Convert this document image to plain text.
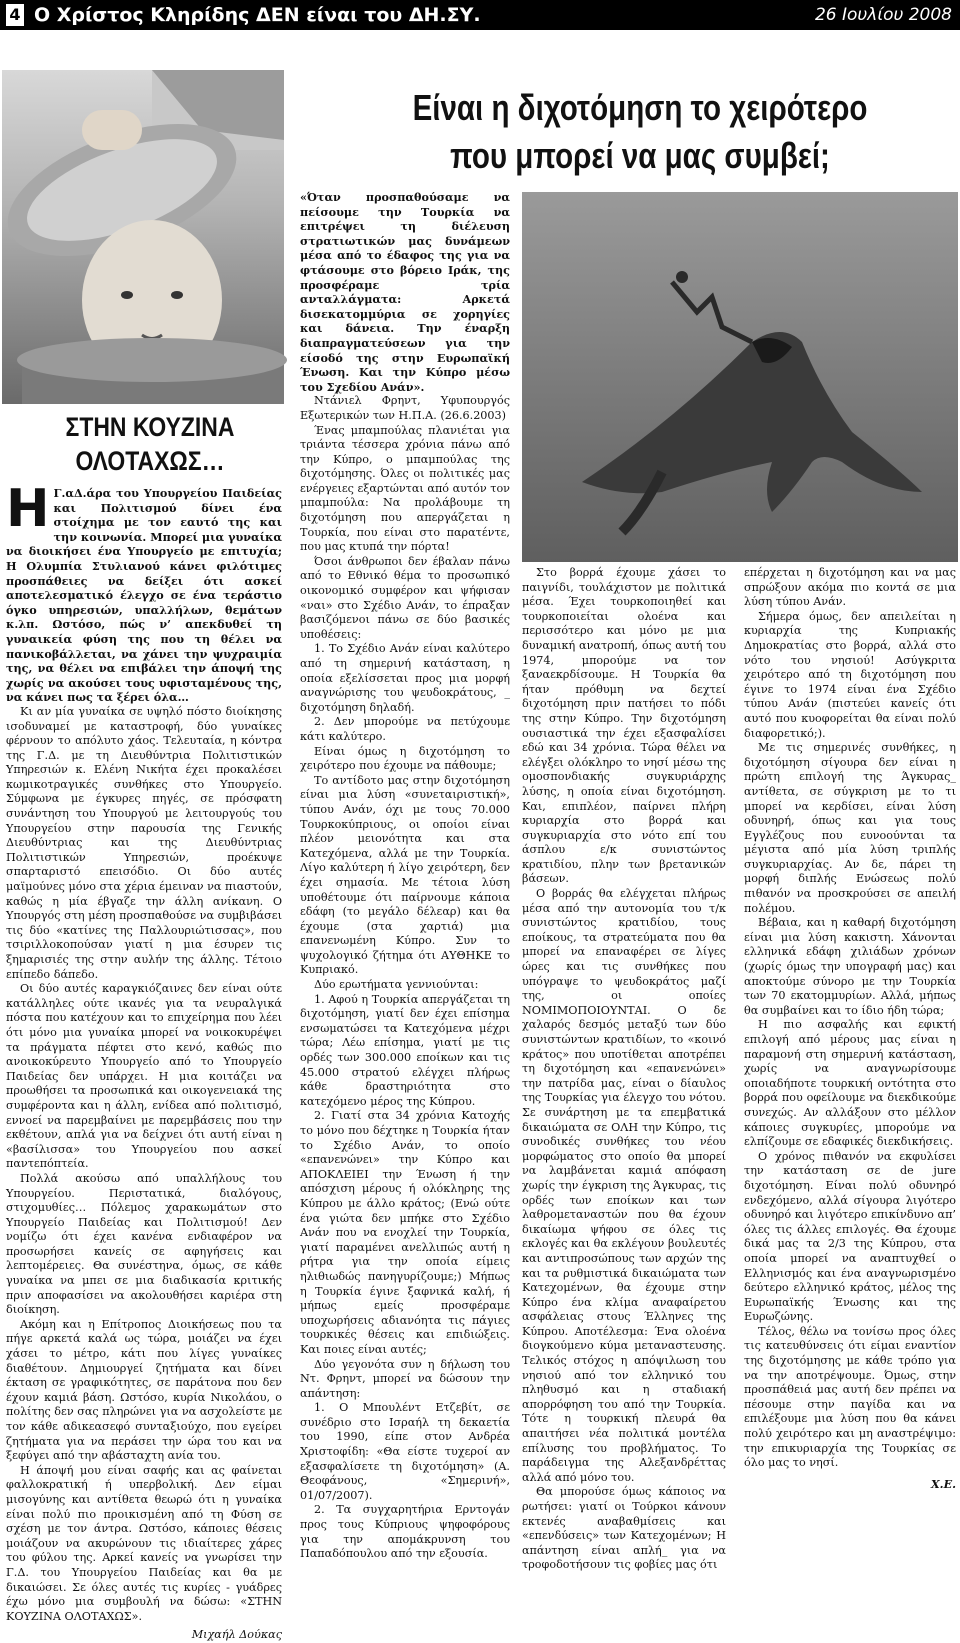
4 Ο Χρίστος Κληρίδης ΔΕΝ είναι του ΔΗ.ΣΥ.	26 Ιουλίου 2008
Είναι η διχοτόμηση το χειρότερο
που μπορεί να μας συμβεί;
ΣΤΗΝ ΚΟΥΖΙΝΑ
ΟΛΟΤΑΧΩΣ…

Η Γ.αΔ.άρα του Υπουργείου Παιδείας και Πολιτισμού δίνει ένα στοίχημα με τον εαυτό της και την κοινωνία. Μπορεί μια γυναίκα να διοικήσει ένα Υπουργείο με επιτυχία; Η Ολυμπία Στυλιανού κάνει φιλότιμες προσπάθειες να δείξει ότι ασκεί αποτελεσματικό έλεγχο σε ένα τεράστιο όγκο υπηρεσιών, υπαλλήλων, θεμάτων κ.λπ. Ωστόσο, πώς ν’ απεκδυθεί τη γυναικεία φύση της που τη θέλει να πανικοβάλλεται, να χάνει την ψυχραιμία της, να θέλει να επιβάλει την άποψή της χωρίς να ακούσει τους υφισταμένους της, να κάνει πως τα ξέρει όλα…

Κι αν μία γυναίκα σε υψηλό πόστο διοίκησης ισοδυναμεί με καταστροφή, δύο γυναίκες φέρνουν το απόλυτο χάος. Τελευταία, η κόντρα της Γ.Δ. με τη Διευθύντρια Πολιτιστικών Υπηρεσιών κ. Ελένη Νικήτα έχει προκαλέσει κωμικοτραγικές συνθήκες στο Υπουργείο. Σύμφωνα με έγκυρες πηγές, σε πρόσφατη συνάντηση του Υπουργού με λειτουργούς του Υπουργείου στην παρουσία της Γενικής Διευθύντριας και της Διευθύντριας Πολιτιστικών Υπηρεσιών, προέκυψε σπαρταριστό επεισόδιο. Οι δύο αυτές μαϊμούνες μόνο στα χέρια έμειναν να πιαστούν, καθώς η μία έβγαζε την άλλη ανίκανη. Ο Υπουργός στη μέση προσπαθούσε να συμβιβάσει τις δύο «κατίνες της Παλλουριώτισσας», που τσιριλλοκοπούσαν γιατί η μια έσυρεν τις ξημαρισιές της στην αυλήν της άλλης. Τέτοιο επίπεδο δάπεδο.

Οι δύο αυτές καραγκιόζαινες δεν είναι ούτε κατάλληλες ούτε ικανές για τα νευραλγικά πόστα που κατέχουν και το επιχείρημα που λέει ότι μόνο μια γυναίκα μπορεί να νοικοκυρέψει τα πράγματα πέφτει στο κενό, καθώς πιο ανοικοκύρευτο Υπουργείο από το Υπουργείο Παιδείας δεν υπάρχει. Η μια κοιτάζει να προωθήσει τα προσωπικά και οικογενειακά της συμφέροντα και η άλλη, ενίδεα από πολιτισμό, εννοεί να παρεμβαίνει με παρεμβάσεις που την εκθέτουν, απλά για να δείχνει ότι αυτή είναι η «βασίλισσα» του Υπουργείου που ασκεί παντεπόπτεία.

Πολλά ακούσω από υπαλλήλους του Υπουργείου. Περιστατικά, διαλόγους, στιχομυθίες… Πόλεμος χαρακωμάτων στο Υπουργείο Παιδείας και Πολιτισμού! Δεν νομίζω ότι έχει κανένα ενδιαφέρον να προσωρήσει κανείς σε αφηγήσεις και λεπτομέρειες. Θα συνέστηνα, όμως, σε κάθε γυναίκα να μπει σε μια διαδικασία κριτικής πριν αποφασίσει να ακολουθήσει καριέρα στη διοίκηση.

Ακόμη και η Επίτροπος Διοικήσεως που τα πήγε αρκετά καλά ως τώρα, μοιάζει να έχει χάσει το μέτρο, κάτι που λίγες γυναίκες διαθέτουν. Δημιουργεί ζητήματα και δίνει έκταση σε γραφικότητες, σε παράτονα που δεν έχουν καμιά βάση. Ωστόσο, κυρία Νικολάου, ο πολίτης δεν σας πληρώνει για να ασχολείστε με τον κάθε αδικεασεφό συνταξιούχο, που εγείρει ζητήματα για να περάσει την ώρα του και να ξεφύγει από την αβάσταχτη ανία του.

Η άποψή μου είναι σαφής και ας φαίνεται φαλλοκρατική ή υπερβολική. Δεν είμαι μισογύνης και αντίθετα θεωρώ ότι η γυναίκα είναι πολύ πιο προικισμένη από τη Φύση σε σχέση με τον άντρα. Ωστόσο, κάποιες θέσεις μοιάζουν να ακυρώνουν τις ιδιαίτερες χάρες του φύλου της. Αρκεί κανείς να γνωρίσει την Γ.Δ. του Υπουργείου Παιδείας και θα με δικαιώσει. Σε όλες αυτές τις κυρίες - γυάδρες έχω μόνο μια συμβουλή να δώσω: «ΣΤΗΝ ΚΟΥΖΙΝΑ ΟΛΟΤΑΧΩΣ».

Μιχαήλ Δούκας

«Όταν προσπαθούσαμε να πείσουμε την Τουρκία να επιτρέψει τη διέλευση στρατιωτικών μας δυνάμεων μέσα από το έδαφος της για να φτάσουμε στο βόρειο Ιράκ, της προσφέραμε τρία ανταλλάγματα: Αρκετά δισεκατομμύρια σε χορηγίες και δάνεια. Την έναρξη διαπραγματεύσεων για την είσοδό της στην Ευρωπαϊκή Ένωση. Και την Κύπρο μέσω του Σχεδίου Ανάν».

Ντάνιελ Φρηντ, Υφυπουργός Εξωτερικών των Η.Π.Α. (26.6.2003)

Ένας μπαμπούλας πλανιέται για τριάντα τέσσερα χρόνια πάνω από την Κύπρο, ο μπαμπούλας της διχοτόμησης. Όλες οι πολιτικές μας ενέργειες εξαρτώνται από αυτόν τον μπαμπούλα: Να προλάβουμε τη διχοτόμηση που απεργάζεται η Τουρκία, που είναι στο παρατέντε, που μας κτυπά την πόρτα!

Όσοι άνθρωποι δεν έβαλαν πάνω από το Εθνικό θέμα το προσωπικό οικονομικό συμφέρον και ψήφισαν «ναι» στο Σχέδιο Ανάν, το έπραξαν βασιζόμενοι πάνω σε δύο βασικές υποθέσεις:

1. Το Σχέδιο Ανάν είναι καλύτερο από τη σημερινή κατάσταση, η οποία εξελίσσεται προς μια μορφή αναγνώρισης του ψευδοκράτους, _ διχοτόμηση δηλαδή.

2. Δεν μπορούμε να πετύχουμε κάτι καλύτερο.

Είναι όμως η διχοτόμηση το χειρότερο που έχουμε να πάθουμε;

Το αντίδοτο μας στην διχοτόμηση είναι μια λύση «συνεταιριστική», τύπου Ανάν, όχι με τους 70.000 Τουρκοκύπριους, οι οποίοι είναι πλέον μειονότητα και στα Κατεχόμενα, αλλά με την Τουρκία. Λίγο καλύτερη ή λίγο χειρότερη, δεν έχει σημασία. Με τέτοια λύση υποθέτουμε ότι παίρνουμε κάποια εδάφη (το μεγάλο δέλεαρ) και θα έχουμε (στα χαρτιά) μια επανενωμένη Κύπρο. Συν το ψυχολογικό ζήτημα ότι ΑΥΘΗΚΕ το Κυπριακό.

Δύο ερωτήματα γεννιούνται:

1. Αφού η Τουρκία απεργάζεται τη διχοτόμηση, γιατί δεν έχει επίσημα ενσωματώσει τα Κατεχόμενα μέχρι τώρα; Λέω επίσημα, γιατί με τις ορδές των 300.000 εποίκων και τις 45.000 στρατού ελέγχει πλήρως κάθε δραστηριότητα στο κατεχόμενο μέρος της Κύπρου.

2. Γιατί στα 34 χρόνια Κατοχής το μόνο που δέχτηκε η Τουρκία ήταν το Σχέδιο Ανάν, το οποίο «επανενώνει» την Κύπρο και ΑΠΟΚΛΕΙΕΙ την Ένωση ή την απόσχιση μέρους ή ολόκληρης της Κύπρου με άλλο κράτος; (Ενώ ούτε ένα γιώτα δεν μπήκε στο Σχέδιο Ανάν που να ενοχλεί την Τουρκία, γιατί παραμένει ανελλιπώς αυτή η ρήτρα για την οποία είμεις ηλιθιωδώς πανηγυρίζουμε;) Μήπως η Τουρκία έγινε ξαφνικά καλή, ή μήπως εμείς προσφέραμε υποχωρήσεις αδιανόητα τις πάγιες τουρκικές θέσεις και επιδιώξεις. Και ποιες είναι αυτές;

Δύο γεγονότα συν η δήλωση του Ντ. Φρηντ, μπορεί να δώσουν την απάντηση:

1. Ο Μπουλέντ Ετζεβίτ, σε συνέδριο στο Ισραήλ τη δεκαετία του 1990, είπε στον Ανδρέα Χριστοφίδη: «Θα είστε τυχεροί αν εξασφαλίσετε τη διχοτόμηση» (Α. Θεοφάνους, «Σημερινή», 01/07/2007).

2. Τα συγχαρητήρια Ερντογάν προς τους Κύπριους ψηφοφόρους για την απομάκρυνση του Παπαδόπουλου από την εξουσία.

Στο βορρά έχουμε χάσει το παιγνίδι, τουλάχιστον με πολιτικά μέσα. Έχει τουρκοποιηθεί και τουρκοποιείται ολοένα και περισσότερο και μόνο με μια δυναμική ανατροπή, όπως αυτή του 1974, μπορούμε να τον ξαναεκρδίσουμε. Η Τουρκία θα ήταν πρόθυμη να δεχτεί διχοτόμηση πριν πατήσει το πόδι της στην Κύπρο. Την διχοτόμηση ουσιαστικά την έχει εξασφαλίσει εδώ και 34 χρόνια. Τώρα θέλει να ελέγξει ολόκληρο το νησί μέσω της ομοσπονδιακής συγκυριάρχης λύσης, η οποία είναι διχοτόμηση. Και, επιπλέον, παίρνει πλήρη κυριαρχία στο βορρά και συγκυριαρχία στο νότο επί του άσπλου ε/κ συνιστώντος κρατιδίου, πλην των βρετανικών βάσεων.

Ο βορράς θα ελέγχεται πλήρως μέσα από την αυτονομία του τ/κ συνιστώντος κρατιδίου, τους εποίκους, τα στρατεύματα που θα μπορεί να επαναφέρει σε λίγες ώρες και τις συνθήκες που υπόγραψε το ψευδοκράτος μαζί της, οι οποίες ΝΟΜΙΜΟΠΟΙΟΥΝΤΑΙ. Ο δε χαλαρός δεσμός μεταξύ των δύο συνιστώντων κρατιδίων, το «κοινό κράτος» που υποτίθεται αποτρέπει τη διχοτόμηση και «επανενώνει» την πατρίδα μας, είναι ο δίαυλος της Τουρκίας για έλεγχο του νότου. Σε συνάρτηση με τα επεμβατικά δικαιώματα σε ΟΛΗ την Κύπρο, τις συνοδικές συνθήκες του νέου μορφώματος στο οποίο θα μπορεί να λαμβάνεται καμιά απόφαση χωρίς την έγκριση της Άγκυρας, τις ορδές των εποίκων και των λαθρομεταναστών που θα έχουν δικαίωμα ψήφου σε όλες τις εκλογές και θα εκλέγουν βουλευτές και αντιπροσώπους των αρχών της και τα ρυθμιστικά δικαιώματα των Κατεχομένων, θα έχουμε στην Κύπρο ένα κλίμα αναφαίρετου ασφάλειας στους Έλληνες της Κύπρου. Αποτέλεσμα: Ένα ολοένα διογκούμενο κύμα μεταναστευσης. Τελικός στόχος η απόψιλωση του νησιού από τον ελληνικό του πληθυσμό και η σταδιακή απορρόφηση του από την Τουρκία. Τότε η τουρκική πλευρά θα απαιτήσει νέα πολιτικά μοντέλα επίλυσης του προβλήματος. Το παράδειγμα της Αλεξανδρέττας αλλά από μόνο του.

Θα μπορούσε όμως κάποιος να ρωτήσει: γιατί οι Τούρκοι κάνουν εκτενές αναβαθμίσεις και «επενδύσεις» των Κατεχομένων; Η απάντηση είναι απλή_ για να τροφοδοτήσουν τις φοβίες μας ότι

επέρχεται η διχοτόμηση και να μας σπρώξουν ακόμα πιο κοντά σε μια λύση τύπου Ανάν.

Σήμερα όμως, δεν απειλείται η κυριαρχία της Κυπριακής Δημοκρατίας στο βορρά, αλλά στο νότο του νησιού! Ασύγκριτα χειρότερο από τη διχοτόμηση που έγινε το 1974 είναι ένα Σχέδιο τύπου Ανάν (πιστεύει κανείς ότι αυτό που κυοφορείται θα είναι πολύ διαφορετικό;).

Με τις σημερινές συνθήκες, η διχοτόμηση σίγουρα δεν είναι η πρώτη επιλογή της Άγκυρας_ αντίθετα, σε σύγκριση με το τι μπορεί να κερδίσει, είναι λύση οδυνηρή, όπως και για τους Εγγλέζους που ευνοούνται τα μέγιστα από μία λύση τριπλής συγκυριαρχίας. Αν δε, πάρει τη μορφή διπλής Ενώσεως πολύ πιθανόν να προσκρούσει σε απειλή πολέμου.

Βέβαια, και η καθαρή διχοτόμηση είναι μια λύση κακιστη. Χάνονται ελληνικά εδάφη χιλιάδων χρόνων (χωρίς όμως την υπογραφή μας) και αποκτούμε σύνορο με την Τουρκία των 70 εκατομμυρίων. Αλλά, μήπως θα συμβαίνει και το ίδιο ήδη τώρα;

Η πιο ασφαλής και εφικτή επιλογή από μέρους μας είναι η παραμονή στη σημερινή κατάσταση, χωρίς να αναγνωρίσουμε οποιαδήποτε τουρκική οντότητα στο βορρά που οφείλουμε να διεκδικούμε συνεχώς. Αν αλλάξουν στο μέλλον κάποιες συγκυρίες, μπορούμε να ελπίζουμε σε εδαφικές διεκδικήσεις.

Ο χρόνος πιθανόν να εκφυλίσει την κατάσταση σε de jure διχοτόμηση. Είναι πολύ οδυνηρό ενδεχόμενο, αλλά σίγουρα λιγότερο οδυνηρό και λιγότερο επικίνδυνο απ’ όλες τις άλλες επιλογές. Θα έχουμε δικά μας τα 2/3 της Κύπρου, στα οποία μπορεί να αναπτυχθεί ο Ελληνισμός και ένα αναγνωρισμένο δεύτερο ελληνικό κράτος, μέλος της Ευρωπαϊκής Ένωσης και της Ευρωζώνης.

Τέλος, θέλω να τονίσω προς όλες τις κατευθύνσεις ότι είμαι εναντίον της διχοτόμησης με κάθε τρόπο για να την αποτρέψουμε. Όμως, στην προσπάθειά μας αυτή δεν πρέπει να πέσουμε στην παγίδα και να επιλέξουμε μια λύση που θα κάνει πολύ χειρότερο και μη αναστρέψιμο: την επικυριαρχία της Τουρκίας σε όλο μας το νησί.

Χ.Ε.
